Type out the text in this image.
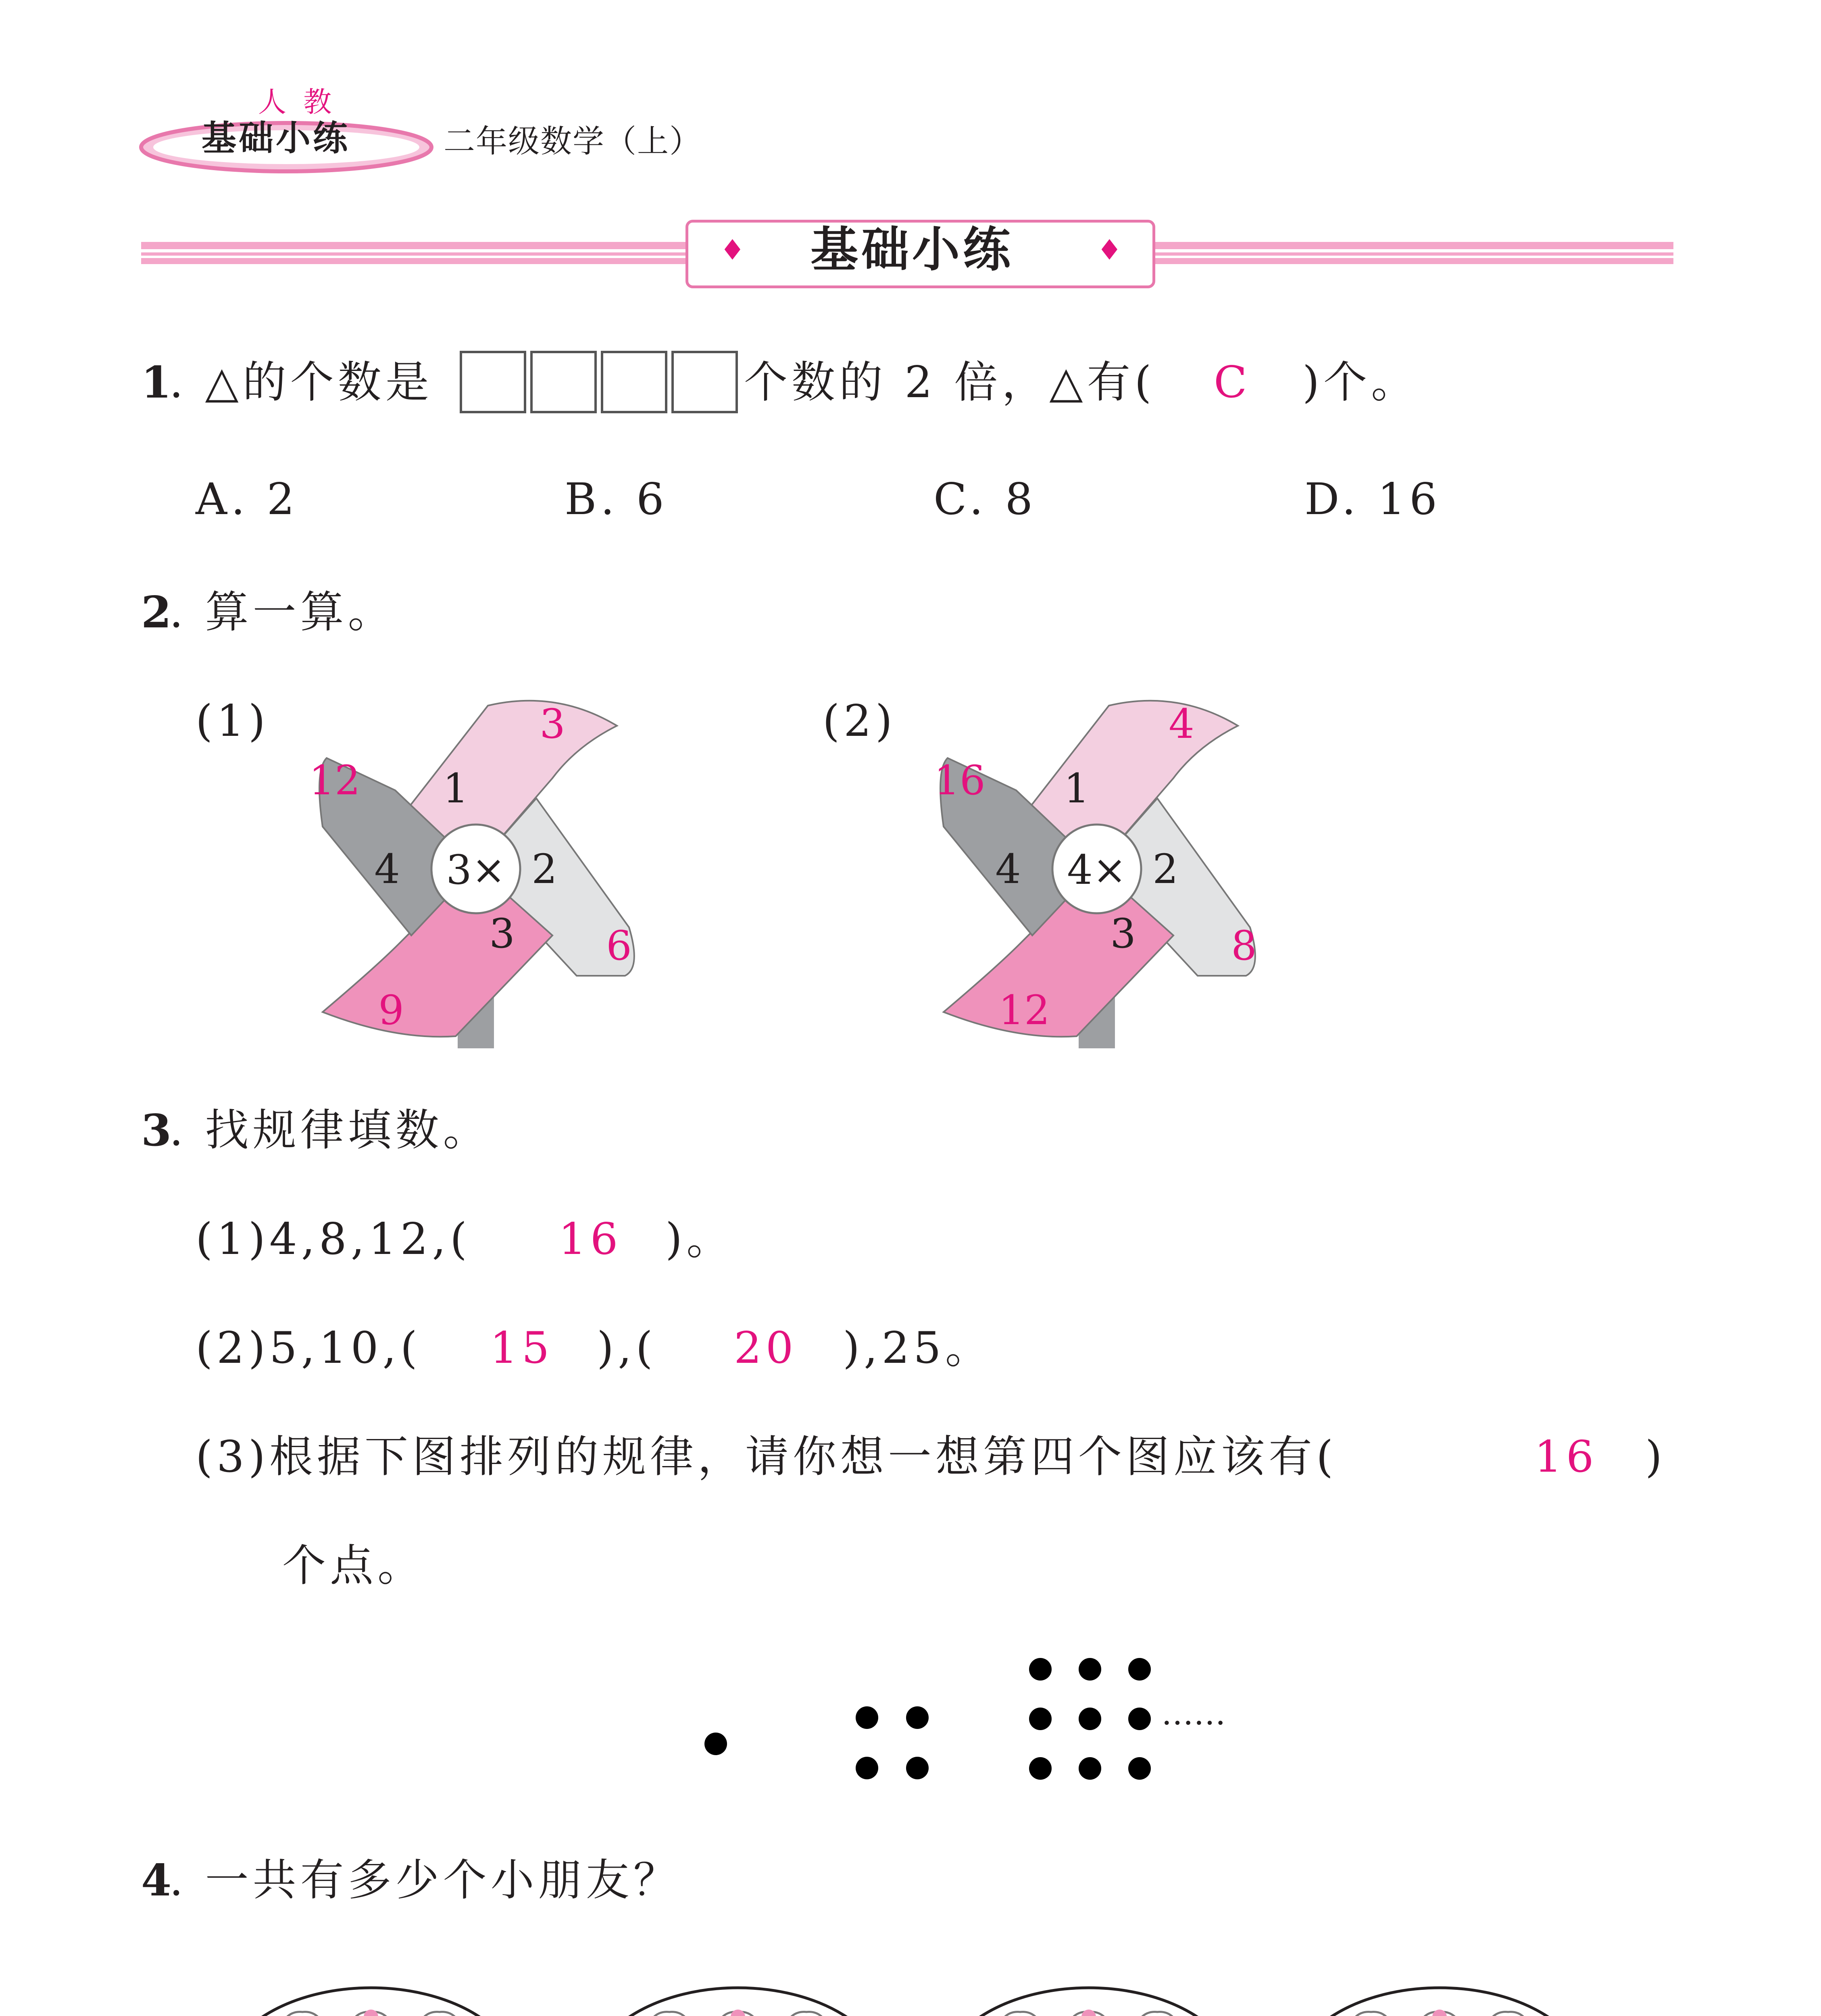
人 教
基础小练	二年级数学（上）
♦ 基础小练	♦
1
. △的个数是	个数的 2 倍，△有( C )个。
A. 2	B. 6	C. 8	D. 16
2
. 算一算。
(1)
3×
1
2
3
4
3
6
9
12
(2)
4×
1
2
3
4
4
8
12
16
3
. 找规律填数。
(1)4,8,12,( 16 )。
(2)5,10,( 15 ),( 20 ),25。
(3)根据下图排列的规律，请你想一想第四个图应该有(	16 )
个点。
……
4
. 一共有多少个小朋友？
